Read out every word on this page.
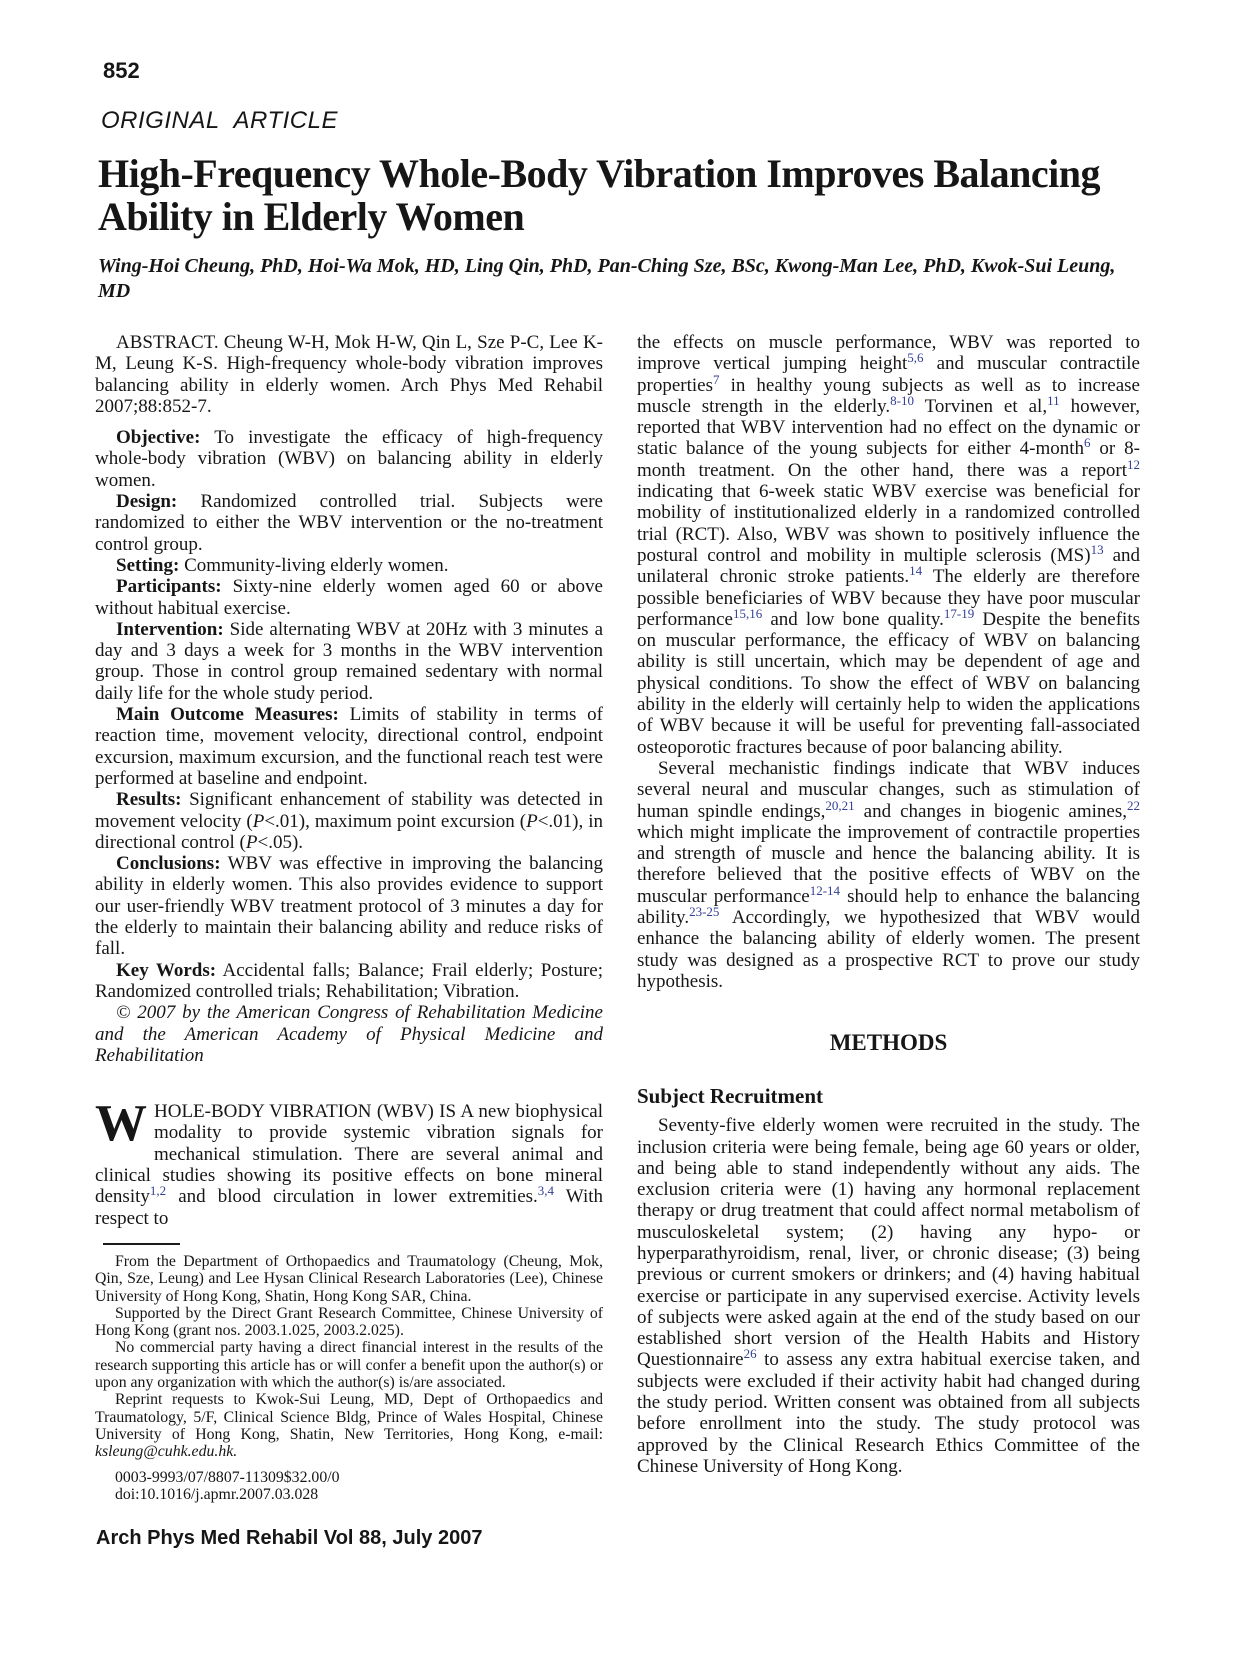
852
ORIGINAL ARTICLE
High-Frequency Whole-Body Vibration Improves Balancing Ability in Elderly Women

Wing-Hoi Cheung, PhD, Hoi-Wa Mok, HD, Ling Qin, PhD, Pan-Ching Sze, BSc, Kwong-Man Lee, PhD, Kwok-Sui Leung, MD

ABSTRACT. Cheung W-H, Mok H-W, Qin L, Sze P-C, Lee K-M, Leung K-S. High-frequency whole-body vibration improves balancing ability in elderly women. Arch Phys Med Rehabil 2007;88:852-7.

Objective: To investigate the efficacy of high-frequency whole-body vibration (WBV) on balancing ability in elderly women.

Design: Randomized controlled trial. Subjects were randomized to either the WBV intervention or the no-treatment control group.

Setting: Community-living elderly women.

Participants: Sixty-nine elderly women aged 60 or above without habitual exercise.

Intervention: Side alternating WBV at 20Hz with 3 minutes a day and 3 days a week for 3 months in the WBV intervention group. Those in control group remained sedentary with normal daily life for the whole study period.

Main Outcome Measures: Limits of stability in terms of reaction time, movement velocity, directional control, endpoint excursion, maximum excursion, and the functional reach test were performed at baseline and endpoint.

Results: Significant enhancement of stability was detected in movement velocity (P<.01), maximum point excursion (P<.01), in directional control (P<.05).

Conclusions: WBV was effective in improving the balancing ability in elderly women. This also provides evidence to support our user-friendly WBV treatment protocol of 3 minutes a day for the elderly to maintain their balancing ability and reduce risks of fall.

Key Words: Accidental falls; Balance; Frail elderly; Posture; Randomized controlled trials; Rehabilitation; Vibration.

© 2007 by the American Congress of Rehabilitation Medicine and the American Academy of Physical Medicine and Rehabilitation

WHOLE-BODY VIBRATION (WBV) IS A new biophysical modality to provide systemic vibration signals for mechanical stimulation. There are several animal and clinical studies showing its positive effects on bone mineral density$^{1,2}$ and blood circulation in lower extremities.$^{3,4}$ With respect to

the effects on muscle performance, WBV was reported to improve vertical jumping height$^{5,6}$ and muscular contractile properties$^7$ in healthy young subjects as well as to increase muscle strength in the elderly.$^{8-10}$ Torvinen et al,$^{11}$ however, reported that WBV intervention had no effect on the dynamic or static balance of the young subjects for either 4-month$^6$ or 8-month treatment. On the other hand, there was a report$^{12}$ indicating that 6-week static WBV exercise was beneficial for mobility of institutionalized elderly in a randomized controlled trial (RCT). Also, WBV was shown to positively influence the postural control and mobility in multiple sclerosis (MS)$^{13}$ and unilateral chronic stroke patients.$^{14}$ The elderly are therefore possible beneficiaries of WBV because they have poor muscular performance$^{15,16}$ and low bone quality.$^{17-19}$ Despite the benefits on muscular performance, the efficacy of WBV on balancing ability is still uncertain, which may be dependent of age and physical conditions. To show the effect of WBV on balancing ability in the elderly will certainly help to widen the applications of WBV because it will be useful for preventing fall-associated osteoporotic fractures because of poor balancing ability.

Several mechanistic findings indicate that WBV induces several neural and muscular changes, such as stimulation of human spindle endings,$^{20,21}$ and changes in biogenic amines,$^{22}$ which might implicate the improvement of contractile properties and strength of muscle and hence the balancing ability. It is therefore believed that the positive effects of WBV on the muscular performance$^{12-14}$ should help to enhance the balancing ability.$^{23-25}$ Accordingly, we hypothesized that WBV would enhance the balancing ability of elderly women. The present study was designed as a prospective RCT to prove our study hypothesis.

METHODS
Subject Recruitment

Seventy-five elderly women were recruited in the study. The inclusion criteria were being female, being age 60 years or older, and being able to stand independently without any aids. The exclusion criteria were (1) having any hormonal replacement therapy or drug treatment that could affect normal metabolism of musculoskeletal system; (2) having any hypo- or hyperparathyroidism, renal, liver, or chronic disease; (3) being previous or current smokers or drinkers; and (4) having habitual exercise or participate in any supervised exercise. Activity levels of subjects were asked again at the end of the study based on our established short version of the Health Habits and History Questionnaire$^{26}$ to assess any extra habitual exercise taken, and subjects were excluded if their activity habit had changed during the study period. Written consent was obtained from all subjects before enrollment into the study. The study protocol was approved by the Clinical Research Ethics Committee of the Chinese University of Hong Kong.

From the Department of Orthopaedics and Traumatology (Cheung, Mok, Qin, Sze, Leung) and Lee Hysan Clinical Research Laboratories (Lee), Chinese University of Hong Kong, Shatin, Hong Kong SAR, China.

Supported by the Direct Grant Research Committee, Chinese University of Hong Kong (grant nos. 2003.1.025, 2003.2.025).

No commercial party having a direct financial interest in the results of the research supporting this article has or will confer a benefit upon the author(s) or upon any organization with which the author(s) is/are associated.

Reprint requests to Kwok-Sui Leung, MD, Dept of Orthopaedics and Traumatology, 5/F, Clinical Science Bldg, Prince of Wales Hospital, Chinese University of Hong Kong, Shatin, New Territories, Hong Kong, e-mail: ksleung@cuhk.edu.hk.

0003-9993/07/8807-11309$32.00/0
doi:10.1016/j.apmr.2007.03.028
Arch Phys Med Rehabil Vol 88, July 2007
